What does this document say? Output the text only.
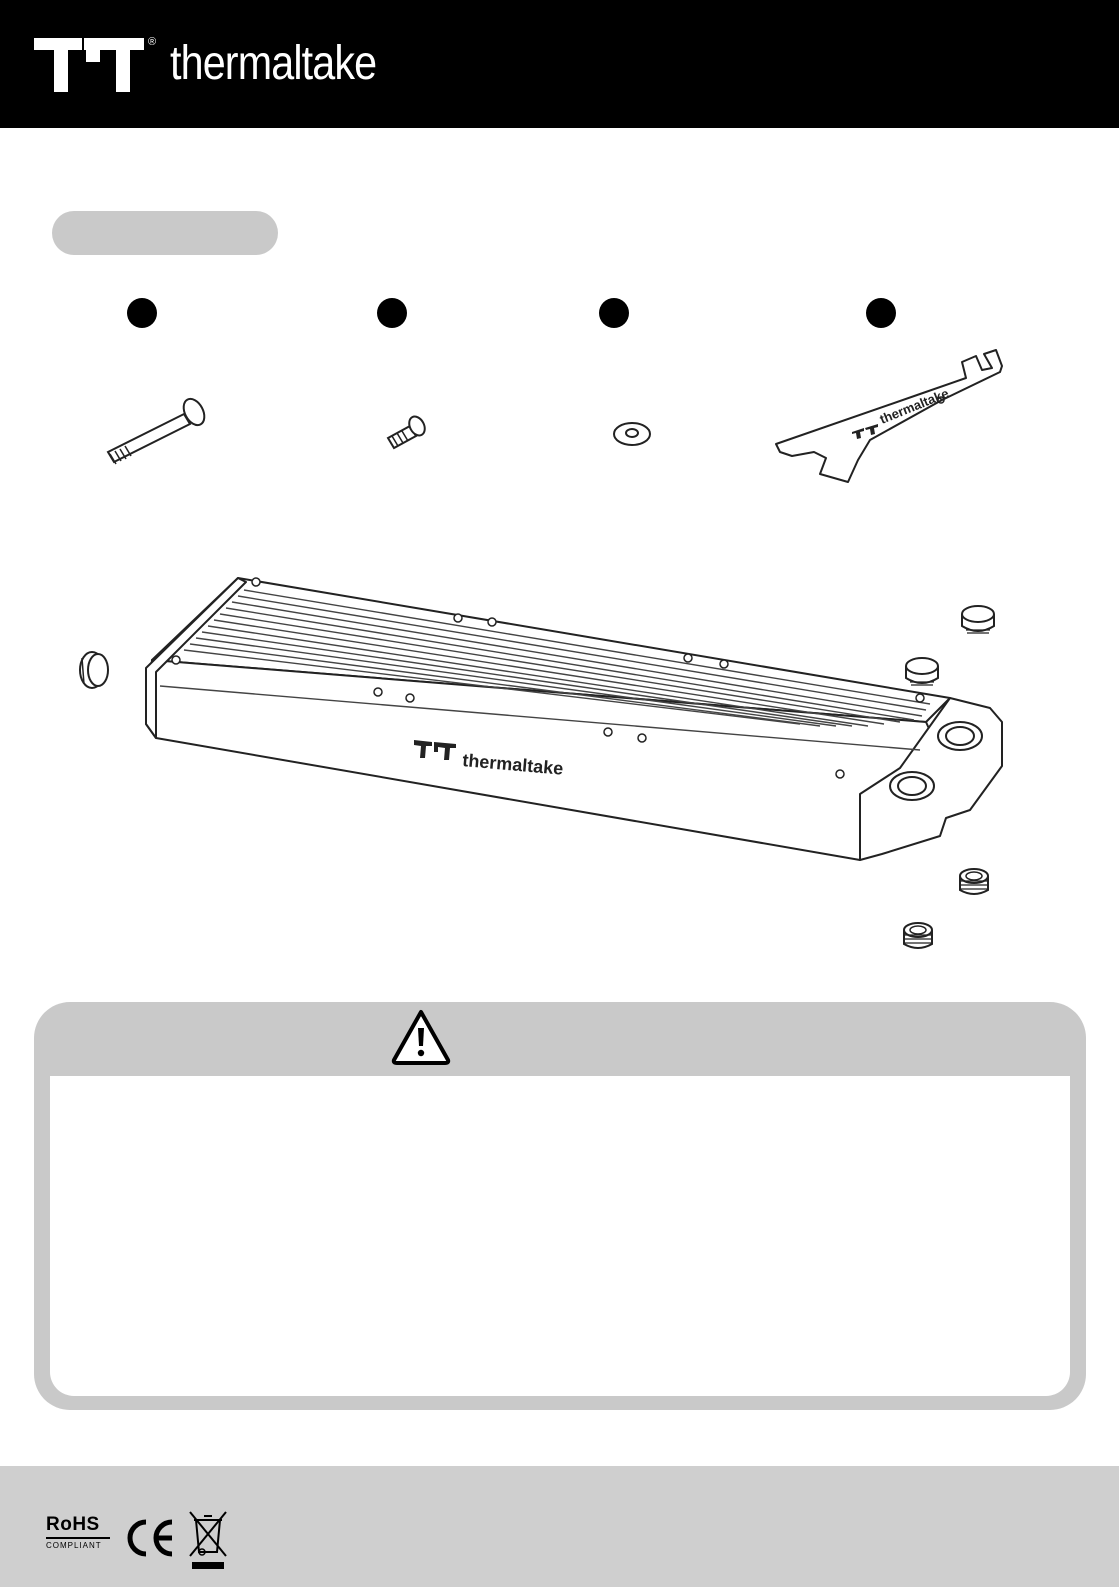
® thermaltake
thermaltake
thermaltake
RoHS
COMPLIANT
